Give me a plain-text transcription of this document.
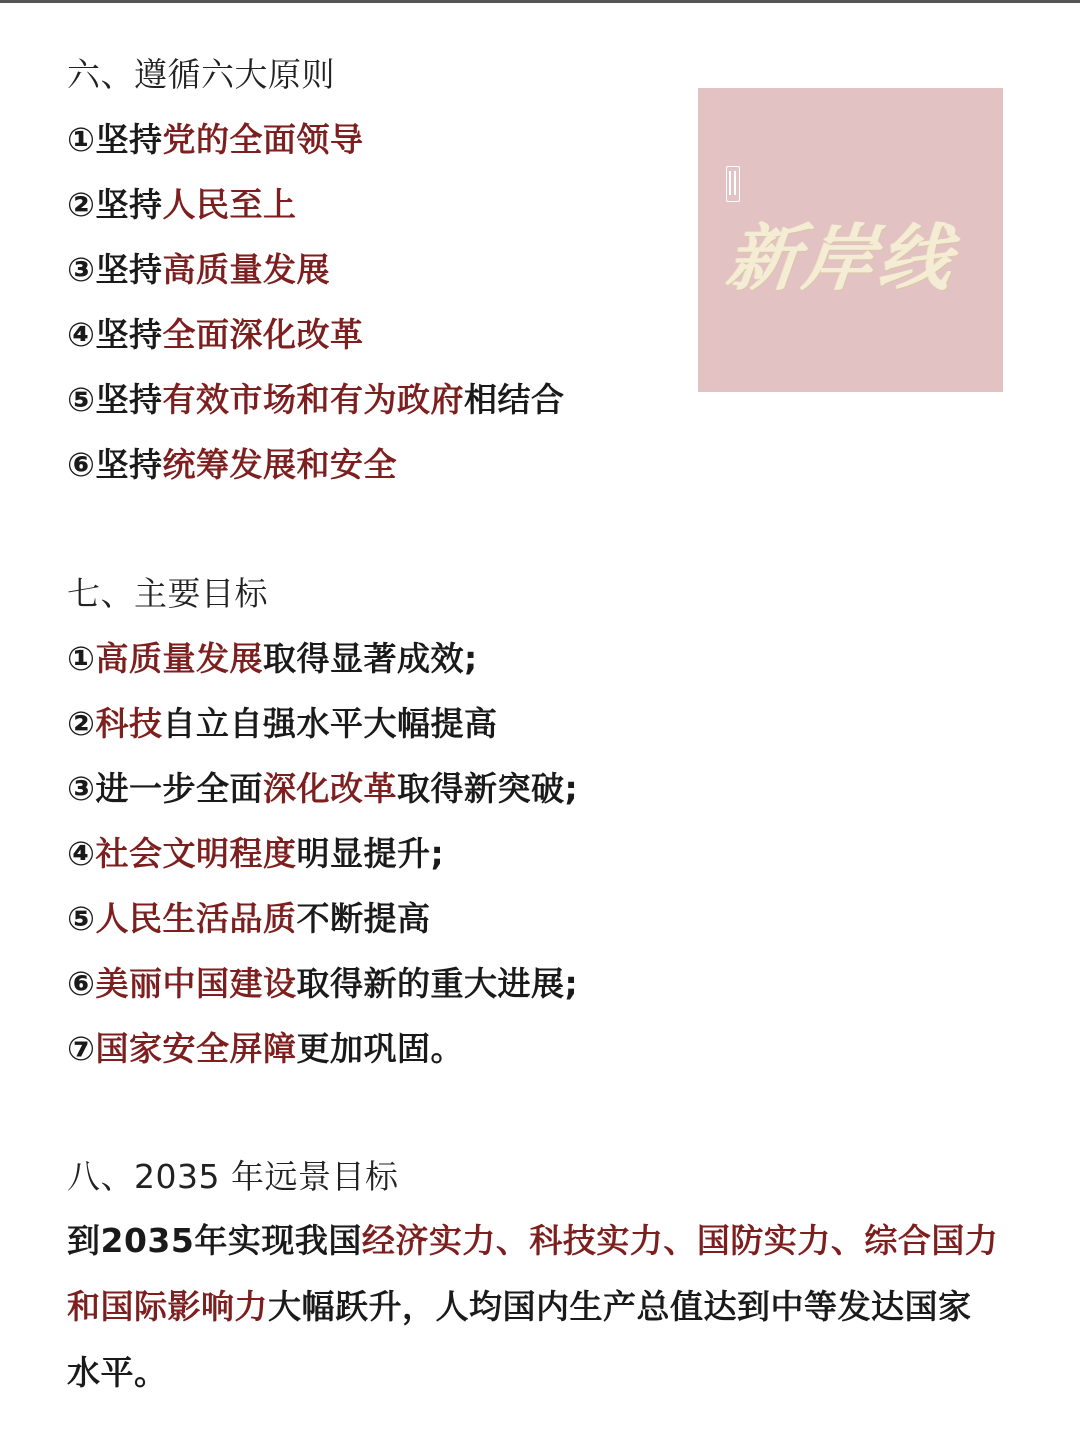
六、遵循六大原则
①坚持党的全面领导
②坚持人民至上
③坚持高质量发展
④坚持全面深化改革
⑤坚持有效市场和有为政府相结合
⑥坚持统筹发展和安全
新岸线
七、主要目标
①高质量发展取得显著成效;
②科技自立自强水平大幅提高
③进一步全面深化改革取得新突破;
④社会文明程度明显提升;
⑤人民生活品质不断提高
⑥美丽中国建设取得新的重大进展;
⑦国家安全屏障更加巩固。
八、2035 年远景目标
到2035年实现我国经济实力、科技实力、国防实力、综合国力
和国际影响力大幅跃升，人均国内生产总值达到中等发达国家
水平。
